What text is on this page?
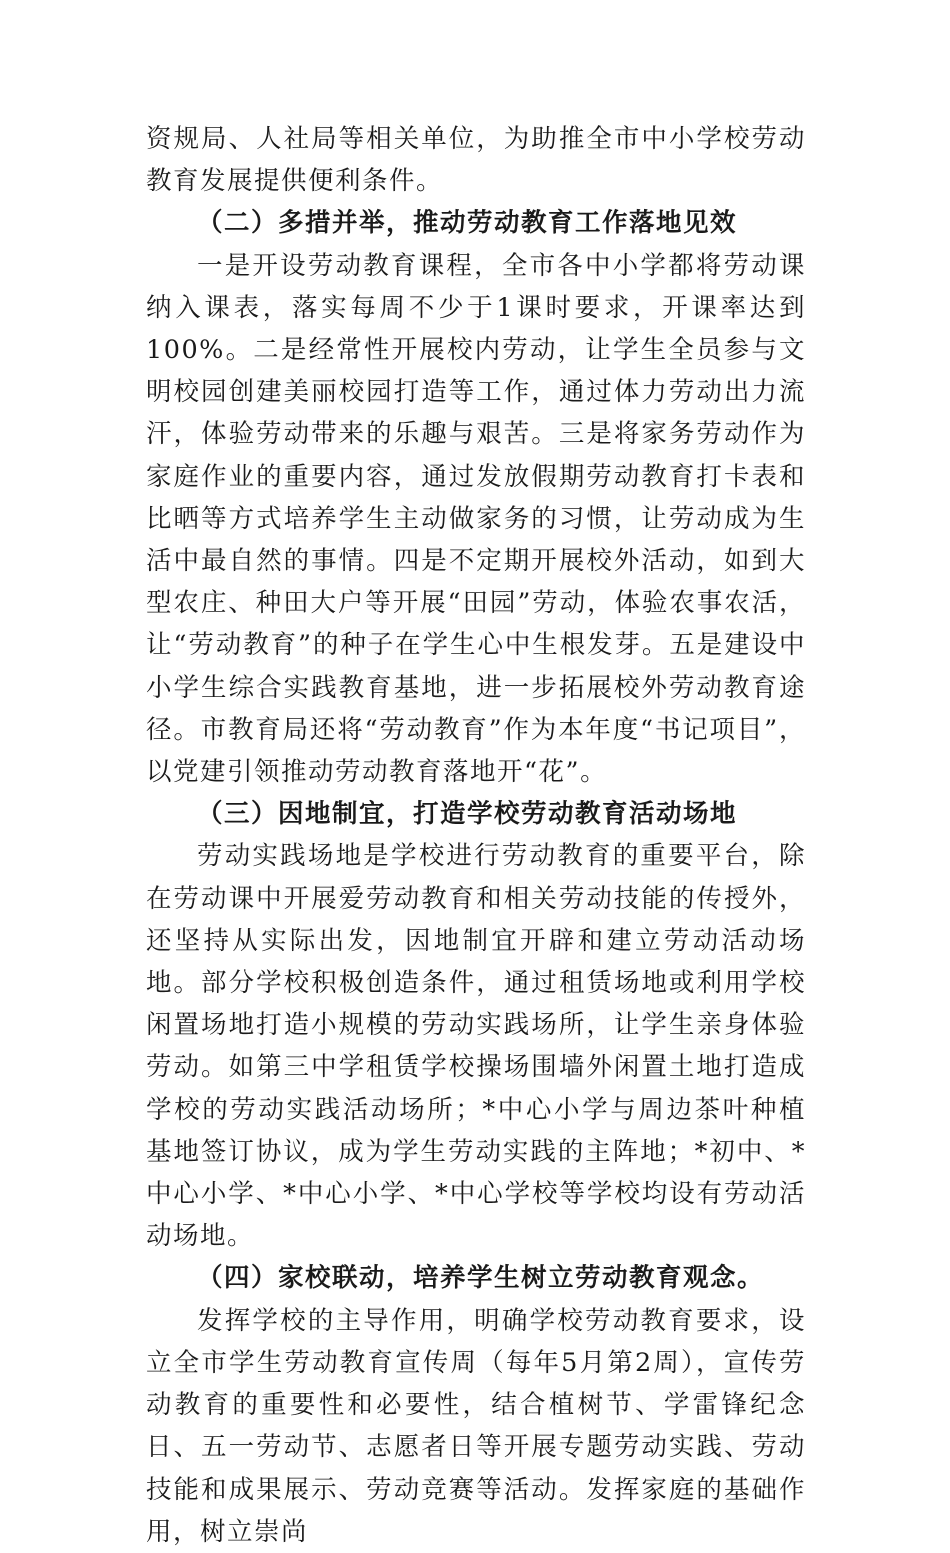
资规局、人社局等相关单位，为助推全市中小学校劳动教育发展提供便利条件。

（二）多措并举，推动劳动教育工作落地见效

一是开设劳动教育课程，全市各中小学都将劳动课纳入课表，落实每周不少于1课时要求，开课率达到100%。二是经常性开展校内劳动，让学生全员参与文明校园创建美丽校园打造等工作，通过体力劳动出力流汗，体验劳动带来的乐趣与艰苦。三是将家务劳动作为家庭作业的重要内容，通过发放假期劳动教育打卡表和比晒等方式培养学生主动做家务的习惯，让劳动成为生活中最自然的事情。四是不定期开展校外活动，如到大型农庄、种田大户等开展“田园”劳动，体验农事农活，让“劳动教育”的种子在学生心中生根发芽。五是建设中小学生综合实践教育基地，进一步拓展校外劳动教育途径。市教育局还将“劳动教育”作为本年度“书记项目”，以党建引领推动劳动教育落地开“花”。

（三）因地制宜，打造学校劳动教育活动场地

劳动实践场地是学校进行劳动教育的重要平台，除在劳动课中开展爱劳动教育和相关劳动技能的传授外，还坚持从实际出发，因地制宜开辟和建立劳动活动场地。部分学校积极创造条件，通过租赁场地或利用学校闲置场地打造小规模的劳动实践场所，让学生亲身体验劳动。如第三中学租赁学校操场围墙外闲置土地打造成学校的劳动实践活动场所；*中心小学与周边茶叶种植基地签订协议，成为学生劳动实践的主阵地；*初中、*中心小学、*中心小学、*中心学校等学校均设有劳动活动场地。

（四）家校联动，培养学生树立劳动教育观念。

发挥学校的主导作用，明确学校劳动教育要求，设立全市学生劳动教育宣传周（每年5月第2周），宣传劳动教育的重要性和必要性，结合植树节、学雷锋纪念日、五一劳动节、志愿者日等开展专题劳动实践、劳动技能和成果展示、劳动竞赛等活动。发挥家庭的基础作用，树立崇尚
